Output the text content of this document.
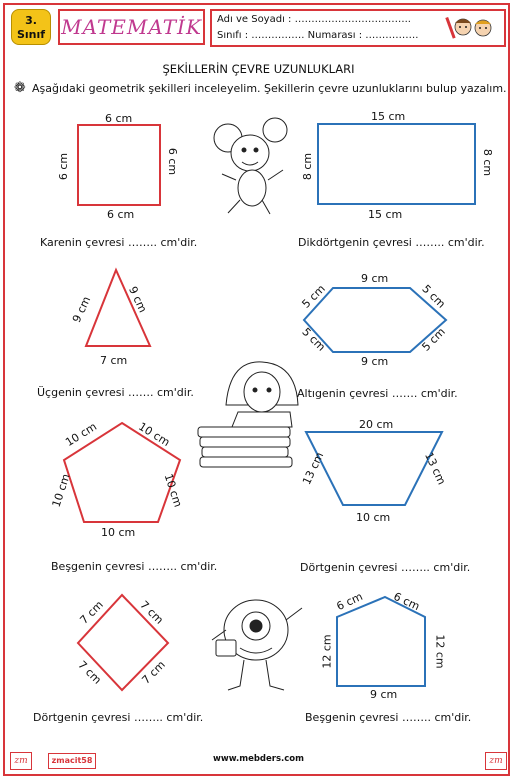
3.
Sınıf MATEMATİK	Adı ve Soyadı : ……………………………..
Sınıfı : ……………. Numarası : …………….
ŞEKİLLERİN ÇEVRE UZUNLUKLARI
❁ Aşağıdaki geometrik şekilleri inceleyelim. Şekillerin çevre uzunluklarını bulup yazalım.
6 cm
6 cm
6 cm	6 cm
Karenin çevresi …….. cm'dir.
15 cm
15 cm
8 cm	8 cm
Dikdörtgenin çevresi …….. cm'dir.
9 cm	9 cm
7 cm
Üçgenin çevresi ……. cm'dir.
9 cm
9 cm
5 cm	5 cm
5 cm	5 cm
Altıgenin çevresi ……. cm'dir.
10 cm	10 cm
10 cm	10 cm
10 cm
Beşgenin çevresi …….. cm'dir.
20 cm
10 cm
13 cm	13 cm
Dörtgenin çevresi …….. cm'dir.
7 cm	7 cm
7 cm	7 cm
Dörtgenin çevresi …….. cm'dir.
6 cm 6 cm
12 cm	12 cm
9 cm
Beşgenin çevresi …….. cm'dir.
zm	zmacit58	www.mebders.com	zm
